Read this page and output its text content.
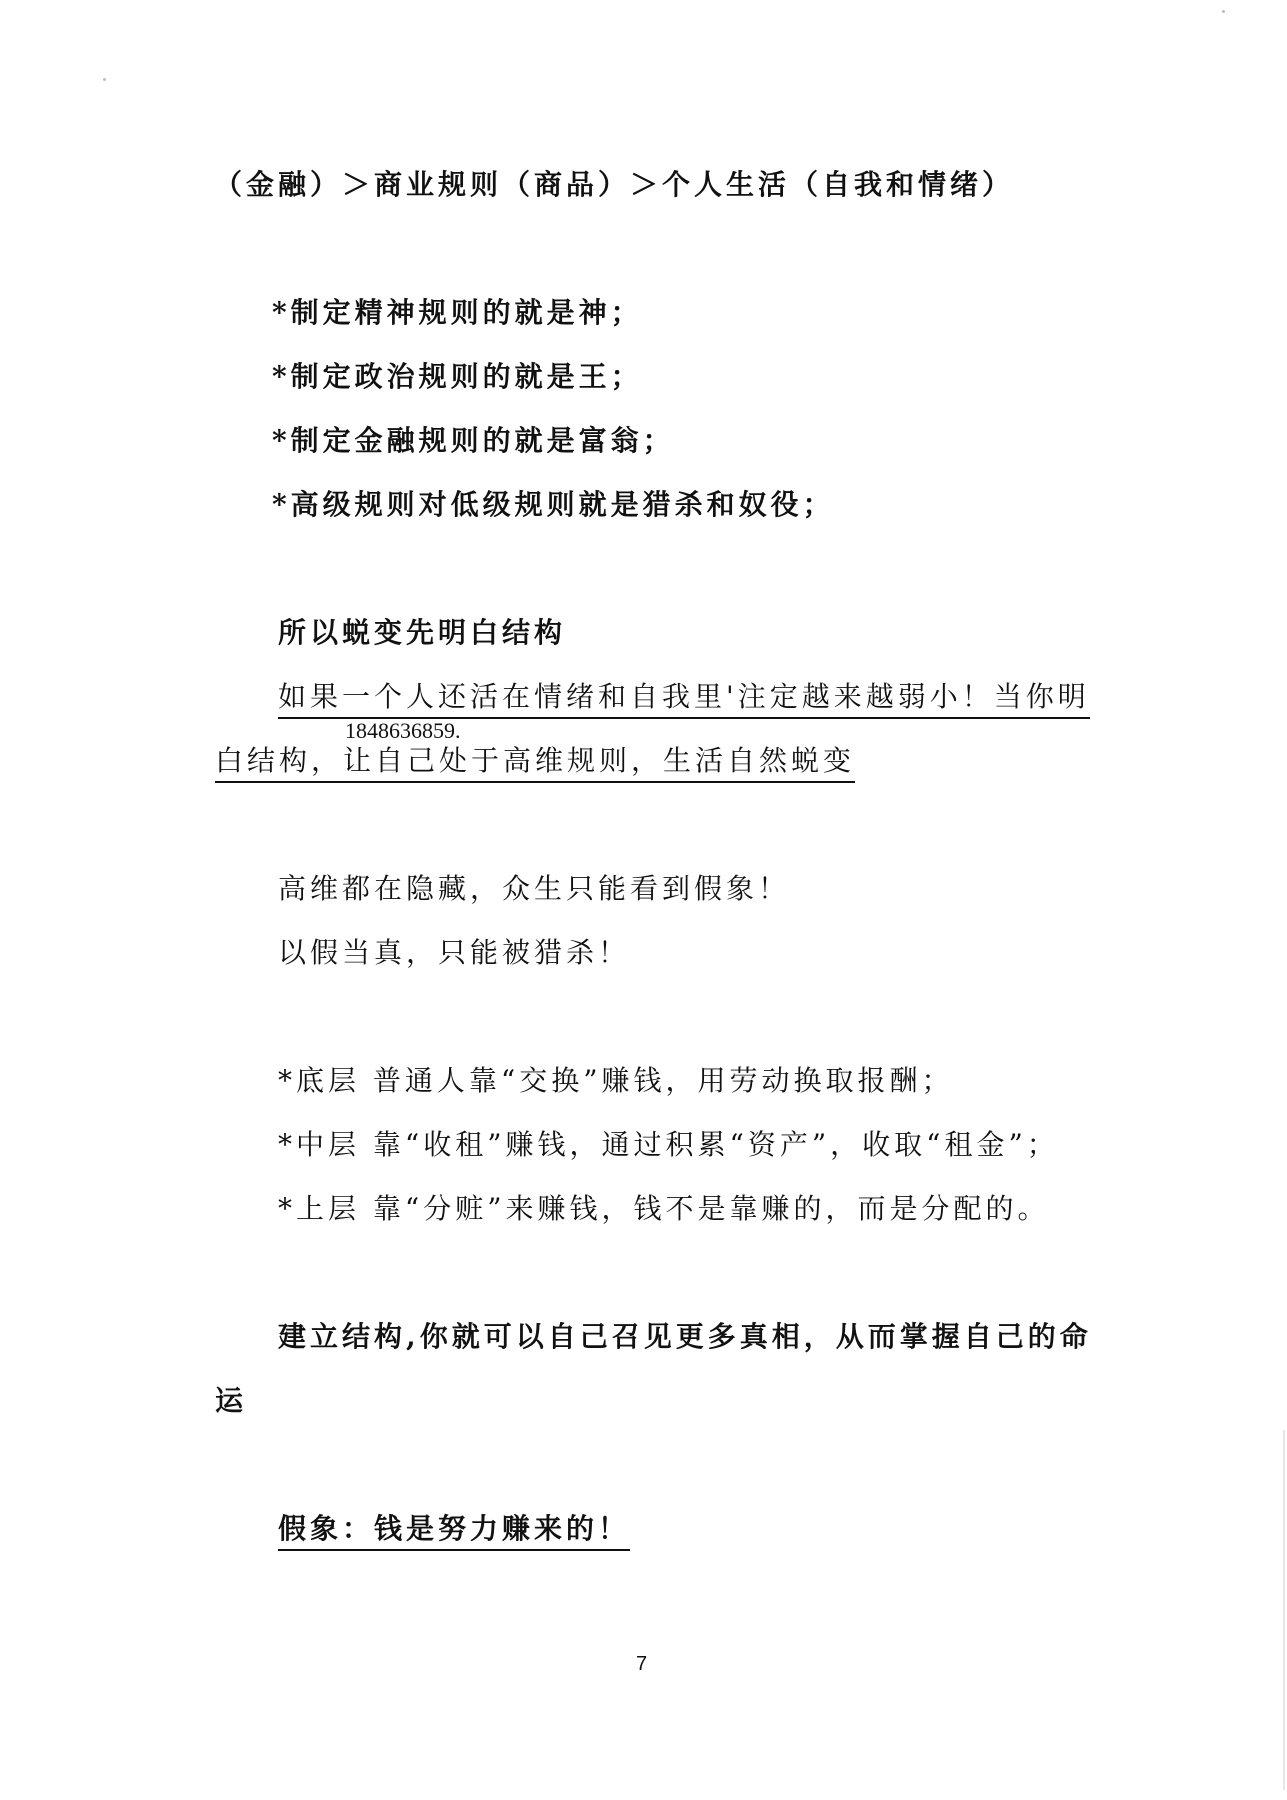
（金融）＞商业规则（商品）＞个人生活（自我和情绪）
*制定精神规则的就是神；
*制定政治规则的就是王；
*制定金融规则的就是富翁；
*高级规则对低级规则就是猎杀和奴役；
所以蜕变先明白结构
如果一个人还活在情绪和自我里'注定越来越弱小！当你明
1848636859.
白结构，让自己处于高维规则，生活自然蜕变
高维都在隐藏，众生只能看到假象！
以假当真，只能被猎杀！
*底层 普通人靠“交换”赚钱，用劳动换取报酬；
*中层 靠“收租”赚钱，通过积累“资产”，收取“租金”；
*上层 靠“分赃”来赚钱，钱不是靠赚的，而是分配的。
建立结构,你就可以自己召见更多真相，从而掌握自己的命
运
假象：钱是努力赚来的！
7
